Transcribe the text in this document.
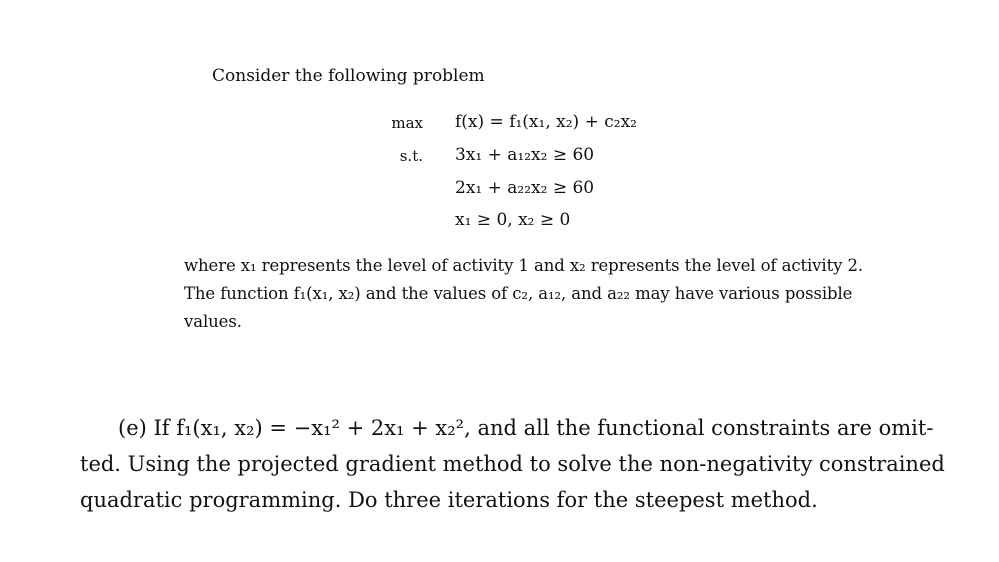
Consider the following problem
max f(x) = f₁(x₁, x₂) + c₂x₂
s.t. 3x₁ + a₁₂x₂ ≥ 60
2x₁ + a₂₂x₂ ≥ 60
x₁ ≥ 0, x₂ ≥ 0
where x₁ represents the level of activity 1 and x₂ represents the level of activity 2.
The function f₁(x₁, x₂) and the values of c₂, a₁₂, and a₂₂ may have various possible
values.
(e) If f₁(x₁, x₂) = −x₁² + 2x₁ + x₂², and all the functional constraints are omit-
ted. Using the projected gradient method to solve the non-negativity constrained
quadratic programming. Do three iterations for the steepest method.
